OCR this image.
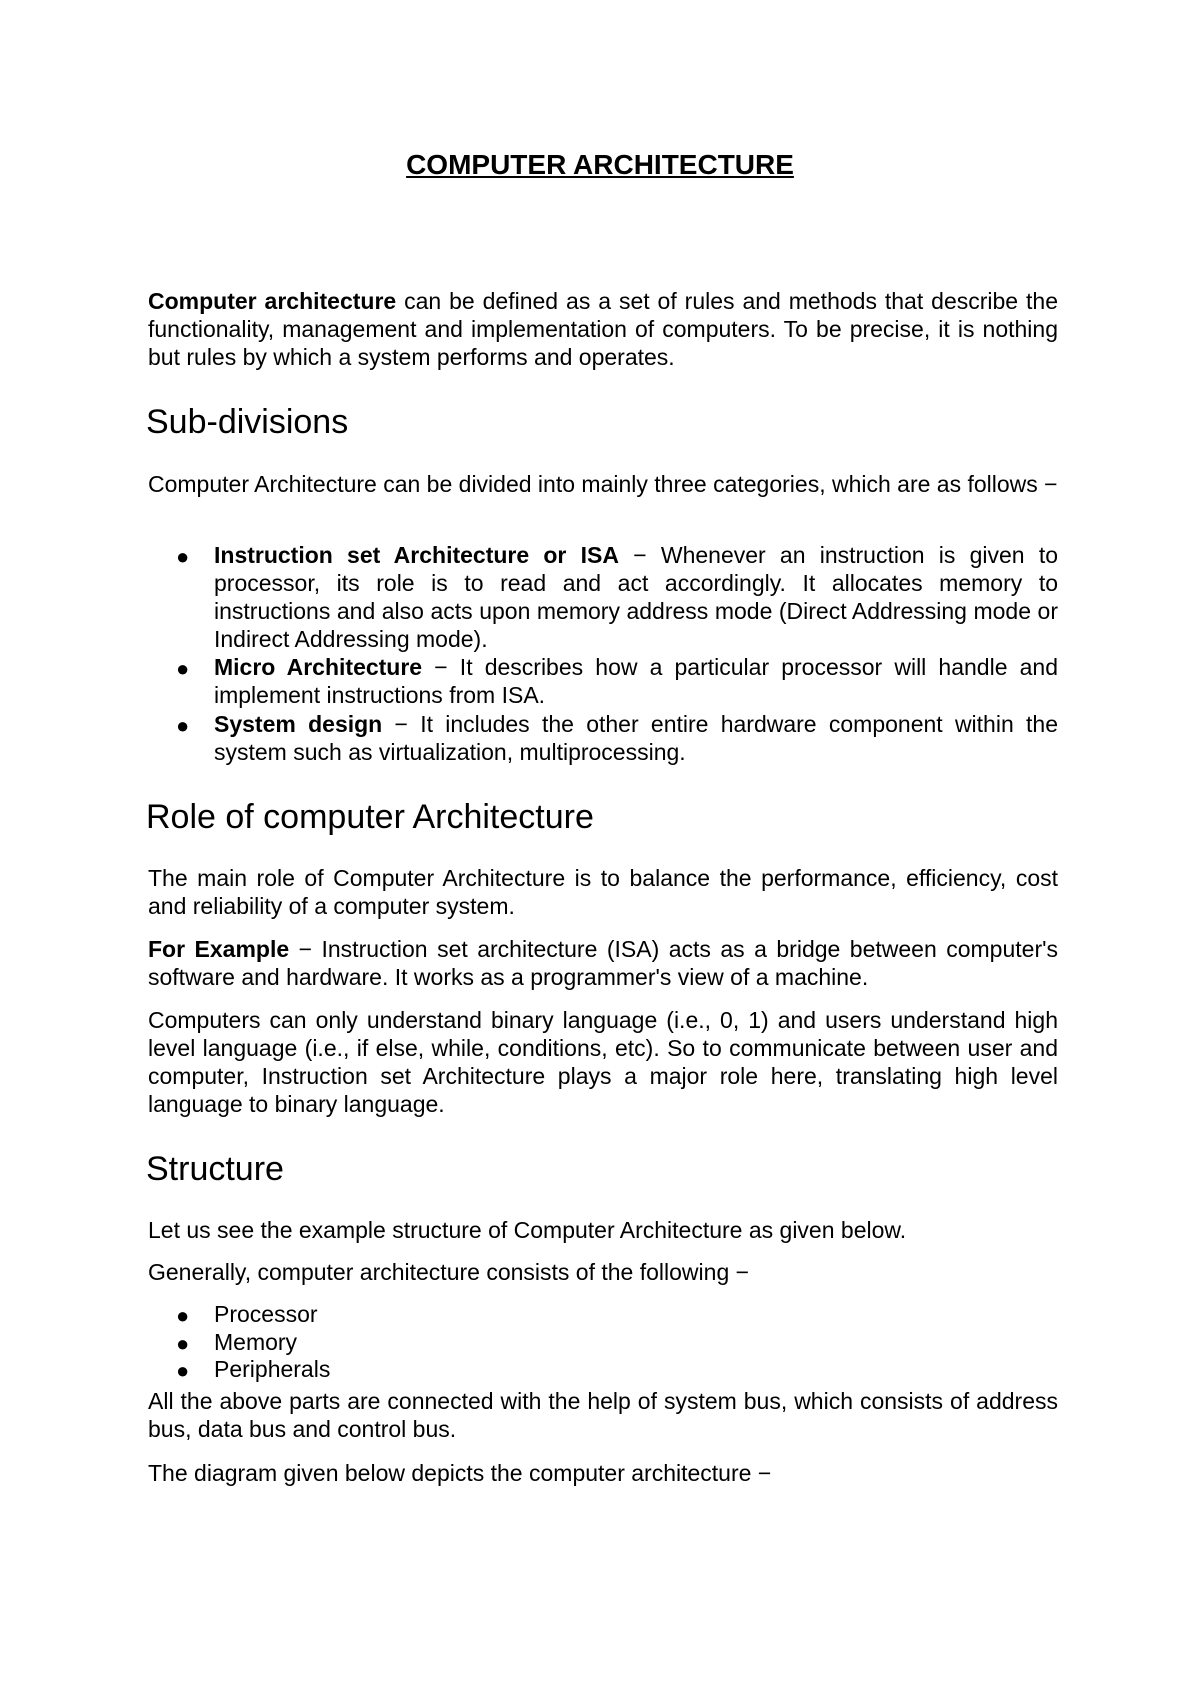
COMPUTER ARCHITECTURE
Computer architecture can be defined as a set of rules and methods that describe the functionality, management and implementation of computers. To be precise, it is nothing but rules by which a system performs and operates.
Sub-divisions
Computer Architecture can be divided into mainly three categories, which are as follows −
● Instruction set Architecture or ISA − Whenever an instruction is given to processor, its role is to read and act accordingly. It allocates memory to instructions and also acts upon memory address mode (Direct Addressing mode or Indirect Addressing mode).
● Micro Architecture − It describes how a particular processor will handle and implement instructions from ISA.
● System design − It includes the other entire hardware component within the system such as virtualization, multiprocessing.
Role of computer Architecture
The main role of Computer Architecture is to balance the performance, efficiency, cost and reliability of a computer system.
For Example − Instruction set architecture (ISA) acts as a bridge between computer's software and hardware. It works as a programmer's view of a machine.
Computers can only understand binary language (i.e., 0, 1) and users understand high level language (i.e., if else, while, conditions, etc). So to communicate between user and computer, Instruction set Architecture plays a major role here, translating high level language to binary language.
Structure
Let us see the example structure of Computer Architecture as given below.
Generally, computer architecture consists of the following −
● Processor
● Memory
● Peripherals
All the above parts are connected with the help of system bus, which consists of address bus, data bus and control bus.
The diagram given below depicts the computer architecture −
